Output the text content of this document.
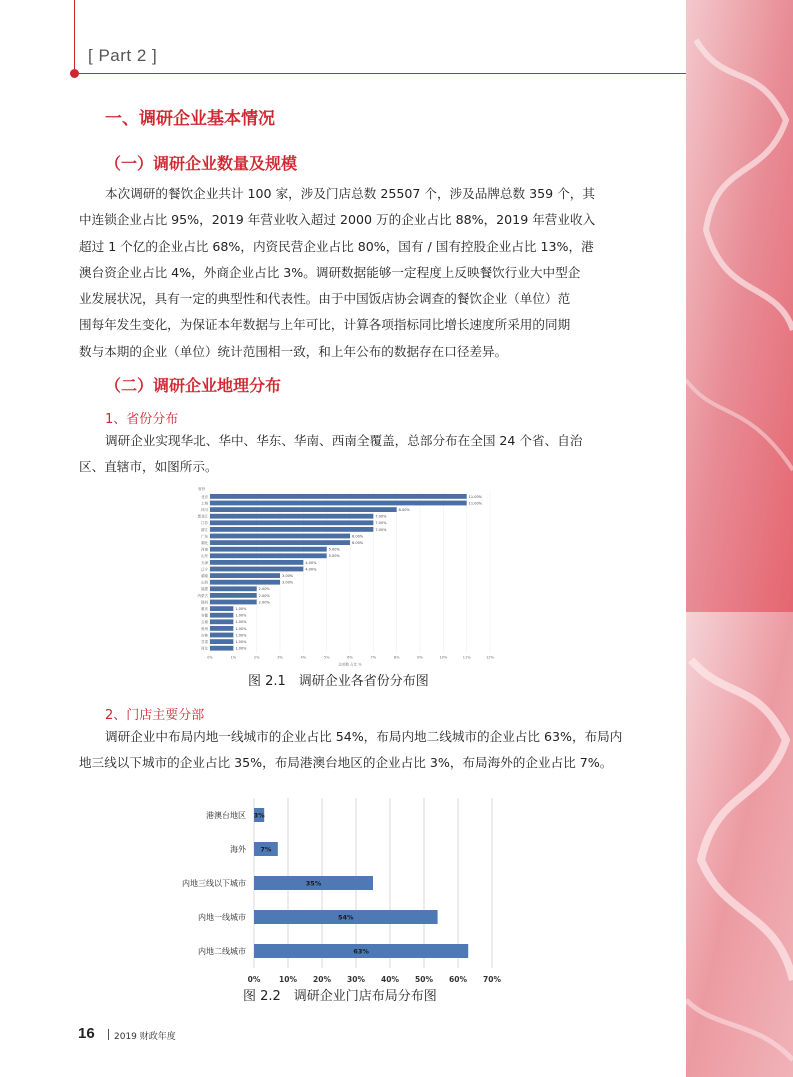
[ Part 2 ]
一、调研企业基本情况
（一）调研企业数量及规模
本次调研的餐饮企业共计 100 家，涉及门店总数 25507 个，涉及品牌总数 359 个，其
中连锁企业占比 95%，2019 年营业收入超过 2000 万的企业占比 88%，2019 年营业收入
超过 1 个亿的企业占比 68%，内资民营企业占比 80%，国有 / 国有控股企业占比 13%，港
澳台资企业占比 4%，外商企业占比 3%。调研数据能够一定程度上反映餐饮行业大中型企
业发展状况，具有一定的典型性和代表性。由于中国饭店协会调查的餐饮企业（单位）范
围每年发生变化，为保证本年数据与上年可比，计算各项指标同比增长速度所采用的同期
数与本期的企业（单位）统计范围相一致，和上年公布的数据存在口径差异。
（二）调研企业地理分布
1、省份分布
调研企业实现华北、华中、华东、华南、西南全覆盖，总部分布在全国 24 个省、自治
区、直辖市，如图所示。
省份
0%	1%	2%	3%	4%	5%	6%	7%	8%	9%	10%	11%	12%
北京	11.00%
上海	11.00%
四川	8.00%
黑龙江	7.00%
江苏	7.00%
浙江	7.00%
广东	6.00%
湖北	6.00%
河南	5.00%
山东	5.00%
天津	4.00%
辽宁	4.00%
湖南	3.00%
山西	3.00%
福建	2.00%
内蒙古	2.00%
陕西	2.00%
重庆	1.00%
安徽	1.00%
云南	1.00%
贵州	1.00%
吉林	1.00%
甘肃	1.00%
河北	1.00%
总部数 占比 %
图 2.1　调研企业各省份分布图
2、门店主要分部
调研企业中布局内地一线城市的企业占比 54%，布局内地二线城市的企业占比 63%，布局内
地三线以下城市的企业占比 35%，布局港澳台地区的企业占比 3%，布局海外的企业占比 7%。
0% 10% 20% 30% 40% 50% 60% 70%
港澳台地区 3%
海外 7%
内地三线以下城市	35%
内地一线城市	54%
内地二线城市	63%
图 2.2　调研企业门店布局分布图
16 2019 财政年度
